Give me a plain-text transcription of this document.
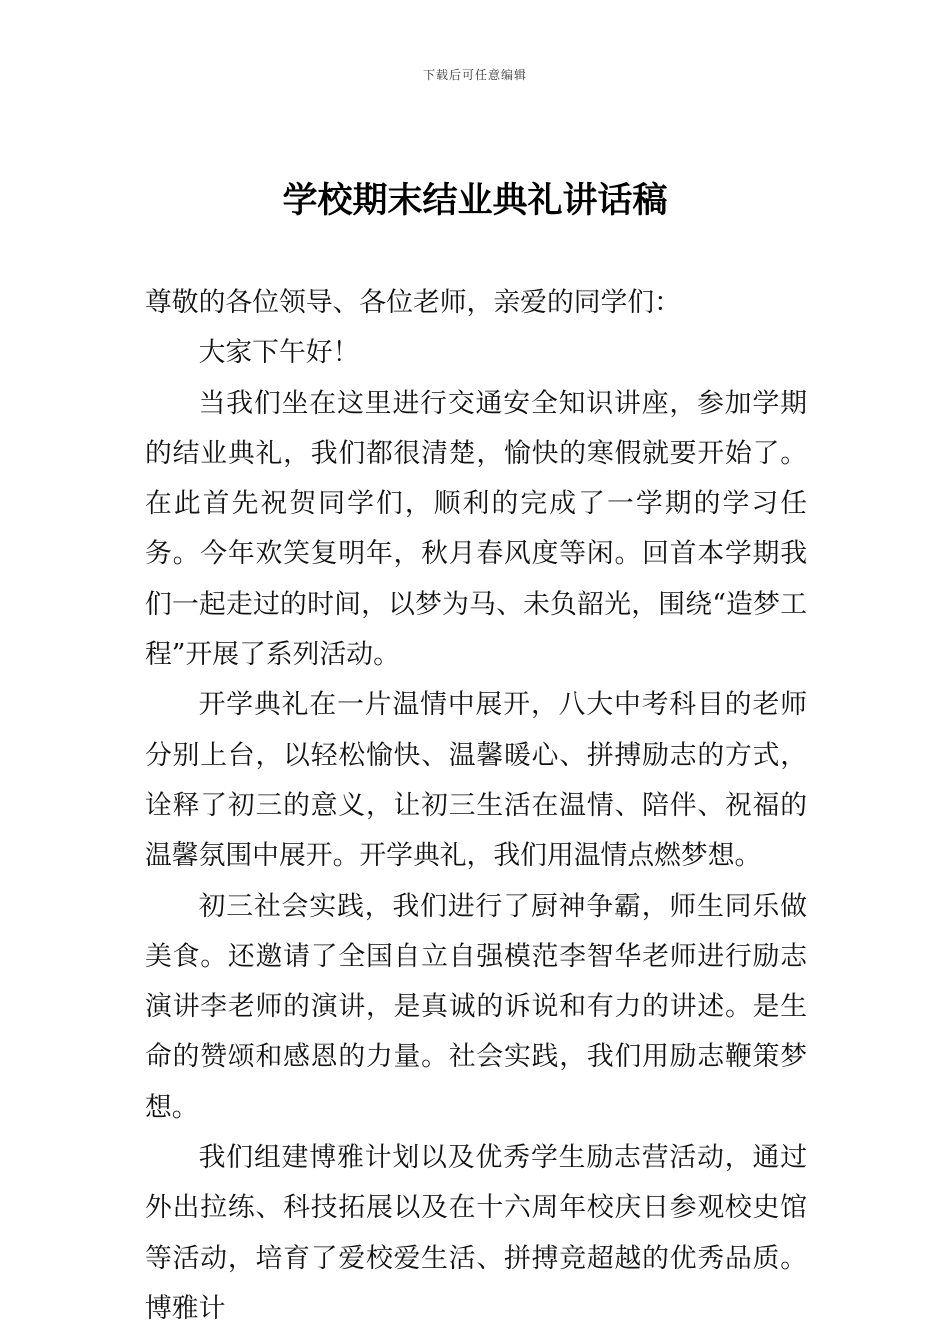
下载后可任意编辑
学校期末结业典礼讲话稿

尊敬的各位领导、各位老师，亲爱的同学们：

大家下午好！

当我们坐在这里进行交通安全知识讲座，参加学期的结业典礼，我们都很清楚，愉快的寒假就要开始了。在此首先祝贺同学们，顺利的完成了一学期的学习任务。今年欢笑复明年，秋月春风度等闲。回首本学期我们一起走过的时间，以梦为马、未负韶光，围绕“造梦工程”开展了系列活动。

开学典礼在一片温情中展开，八大中考科目的老师分别上台，以轻松愉快、温馨暖心、拼搏励志的方式，诠释了初三的意义，让初三生活在温情、陪伴、祝福的温馨氛围中展开。开学典礼，我们用温情点燃梦想。

初三社会实践，我们进行了厨神争霸，师生同乐做美食。还邀请了全国自立自强模范李智华老师进行励志演讲李老师的演讲，是真诚的诉说和有力的讲述。是生命的赞颂和感恩的力量。社会实践，我们用励志鞭策梦想。

我们组建博雅计划以及优秀学生励志营活动，通过外出拉练、科技拓展以及在十六周年校庆日参观校史馆等活动，培育了爱校爱生活、拼搏竞超越的优秀品质。博雅计
